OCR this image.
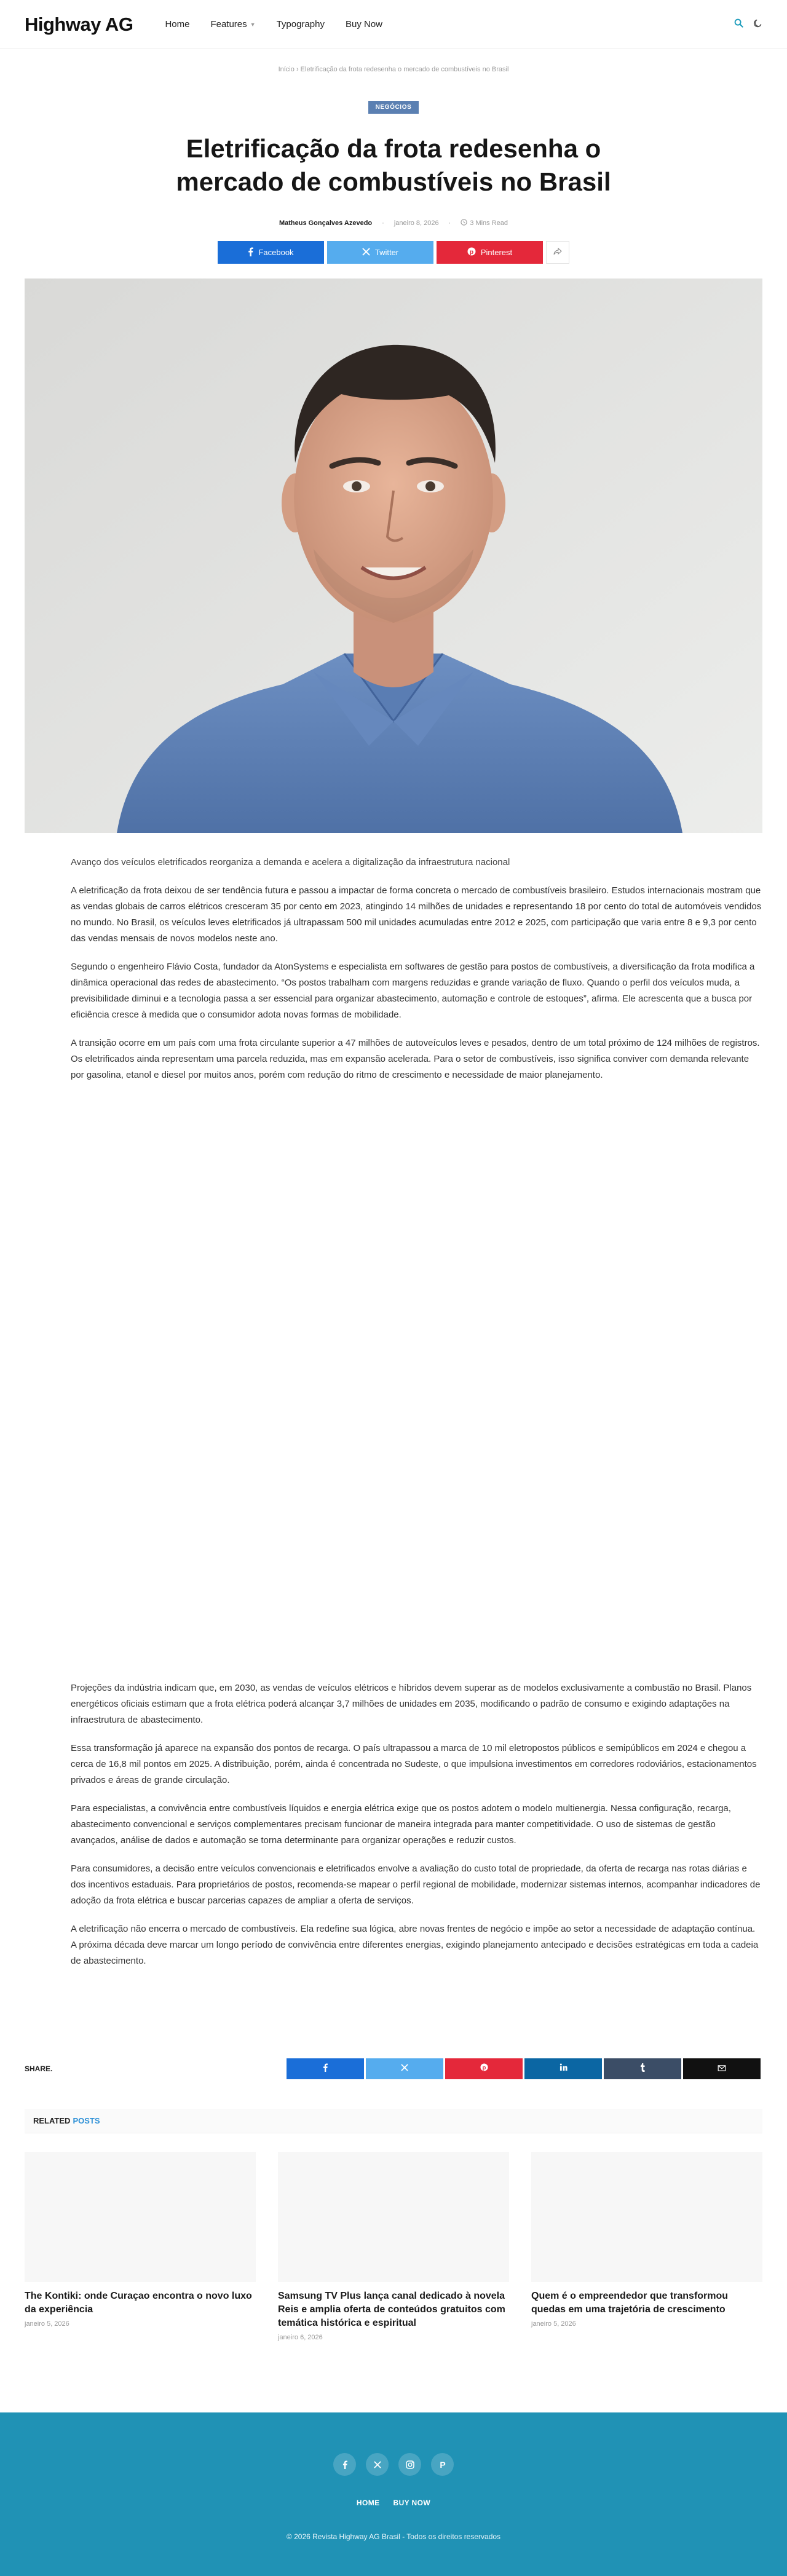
Highway AG	Home Features ▼ Typography Buy Now
Início › Eletrificação da frota redesenha o mercado de combustíveis no Brasil
NEGÓCIOS
Eletrificação da frota redesenha o mercado de combustíveis no Brasil
Matheus Gonçalves Azevedo · janeiro 8, 2026 ·	3 Mins Read
Facebook	Twitter	p Pinterest

Avanço dos veículos eletrificados reorganiza a demanda e acelera a digitalização da infraestrutura nacional

A eletrificação da frota deixou de ser tendência futura e passou a impactar de forma concreta o mercado de combustíveis brasileiro. Estudos internacionais mostram que as vendas globais de carros elétricos cresceram 35 por cento em 2023, atingindo 14 milhões de unidades e representando 18 por cento do total de automóveis vendidos no mundo. No Brasil, os veículos leves eletrificados já ultrapassam 500 mil unidades acumuladas entre 2012 e 2025, com participação que varia entre 8 e 9,3 por cento das vendas mensais de novos modelos neste ano.

Segundo o engenheiro Flávio Costa, fundador da AtonSystems e especialista em softwares de gestão para postos de combustíveis, a diversificação da frota modifica a dinâmica operacional das redes de abastecimento. “Os postos trabalham com margens reduzidas e grande variação de fluxo. Quando o perfil dos veículos muda, a previsibilidade diminui e a tecnologia passa a ser essencial para organizar abastecimento, automação e controle de estoques”, afirma. Ele acrescenta que a busca por eficiência cresce à medida que o consumidor adota novas formas de mobilidade.

A transição ocorre em um país com uma frota circulante superior a 47 milhões de autoveículos leves e pesados, dentro de um total próximo de 124 milhões de registros. Os eletrificados ainda representam uma parcela reduzida, mas em expansão acelerada. Para o setor de combustíveis, isso significa conviver com demanda relevante por gasolina, etanol e diesel por muitos anos, porém com redução do ritmo de crescimento e necessidade de maior planejamento.

Projeções da indústria indicam que, em 2030, as vendas de veículos elétricos e híbridos devem superar as de modelos exclusivamente a combustão no Brasil. Planos energéticos oficiais estimam que a frota elétrica poderá alcançar 3,7 milhões de unidades em 2035, modificando o padrão de consumo e exigindo adaptações na infraestrutura de abastecimento.

Essa transformação já aparece na expansão dos pontos de recarga. O país ultrapassou a marca de 10 mil eletropostos públicos e semipúblicos em 2024 e chegou a cerca de 16,8 mil pontos em 2025. A distribuição, porém, ainda é concentrada no Sudeste, o que impulsiona investimentos em corredores rodoviários, estacionamentos privados e áreas de grande circulação.

Para especialistas, a convivência entre combustíveis líquidos e energia elétrica exige que os postos adotem o modelo multienergia. Nessa configuração, recarga, abastecimento convencional e serviços complementares precisam funcionar de maneira integrada para manter competitividade. O uso de sistemas de gestão avançados, análise de dados e automação se torna determinante para organizar operações e reduzir custos.

Para consumidores, a decisão entre veículos convencionais e eletrificados envolve a avaliação do custo total de propriedade, da oferta de recarga nas rotas diárias e dos incentivos estaduais. Para proprietários de postos, recomenda-se mapear o perfil regional de mobilidade, modernizar sistemas internos, acompanhar indicadores de adoção da frota elétrica e buscar parcerias capazes de ampliar a oferta de serviços.

A eletrificação não encerra o mercado de combustíveis. Ela redefine sua lógica, abre novas frentes de negócio e impõe ao setor a necessidade de adaptação contínua. A próxima década deve marcar um longo período de convivência entre diferentes energias, exigindo planejamento antecipado e decisões estratégicas em toda a cadeia de abastecimento.

SHARE.	p
RELATED POSTS
The Kontiki: onde Curaçao encontra o novo luxo da experiência
janeiro 5, 2026
Samsung TV Plus lança canal dedicado à novela Reis e amplia oferta de conteúdos gratuitos com temática histórica e espiritual
janeiro 6, 2026
Quem é o empreendedor que transformou quedas em uma trajetória de crescimento
janeiro 5, 2026
P
HOME BUY NOW
© 2026 Revista Highway AG Brasil - Todos os direitos reservados
